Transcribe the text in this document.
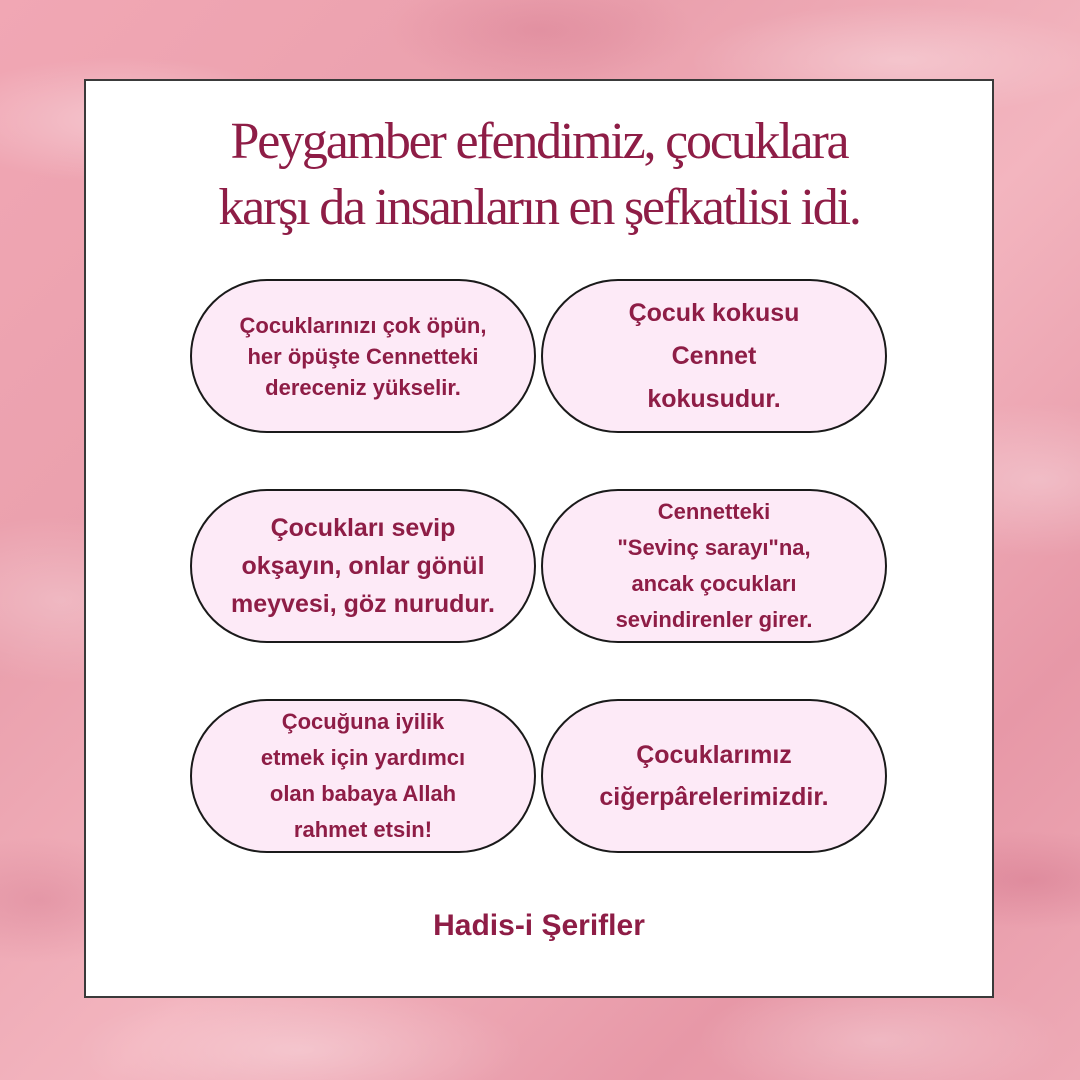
Peygamber efendimiz, çocuklara
karşı da insanların en şefkatlisi idi.
Çocuklarınızı çok öpün,
her öpüşte Cennetteki
dereceniz yükselir.
Çocuk kokusu
Cennet
kokusudur.
Çocukları sevip
okşayın, onlar gönül
meyvesi, göz nurudur.
Cennetteki
"Sevinç sarayı"na,
ancak çocukları
sevindirenler girer.
Çocuğuna iyilik
etmek için yardımcı
olan babaya Allah
rahmet etsin!
Çocuklarımız
ciğerpârelerimizdir.
Hadis-i Şerifler
